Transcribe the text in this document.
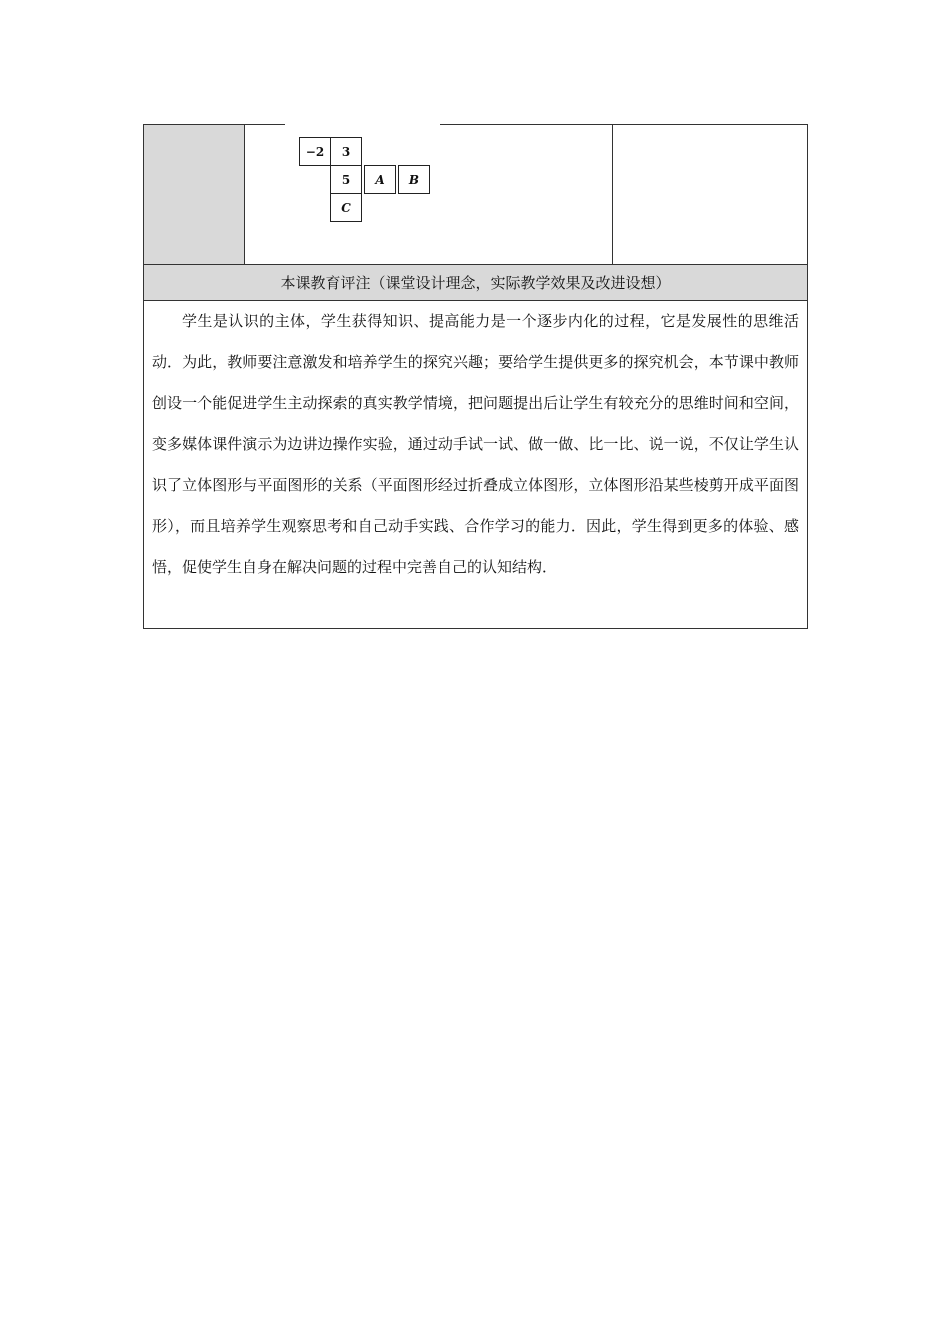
−2	3
5	A	B
C
本课教育评注（课堂设计理念，实际教学效果及改进设想）

学生是认识的主体，学生获得知识、提高能力是一个逐步内化的过程，它是发展性的思维活动．为此，教师要注意激发和培养学生的探究兴趣；要给学生提供更多的探究机会，本节课中教师创设一个能促进学生主动探索的真实教学情境，把问题提出后让学生有较充分的思维时间和空间，变多媒体课件演示为边讲边操作实验，通过动手试一试、做一做、比一比、说一说，不仅让学生认识了立体图形与平面图形的关系（平面图形经过折叠成立体图形，立体图形沿某些棱剪开成平面图形），而且培养学生观察思考和自己动手实践、合作学习的能力．因此，学生得到更多的体验、感悟，促使学生自身在解决问题的过程中完善自己的认知结构．
